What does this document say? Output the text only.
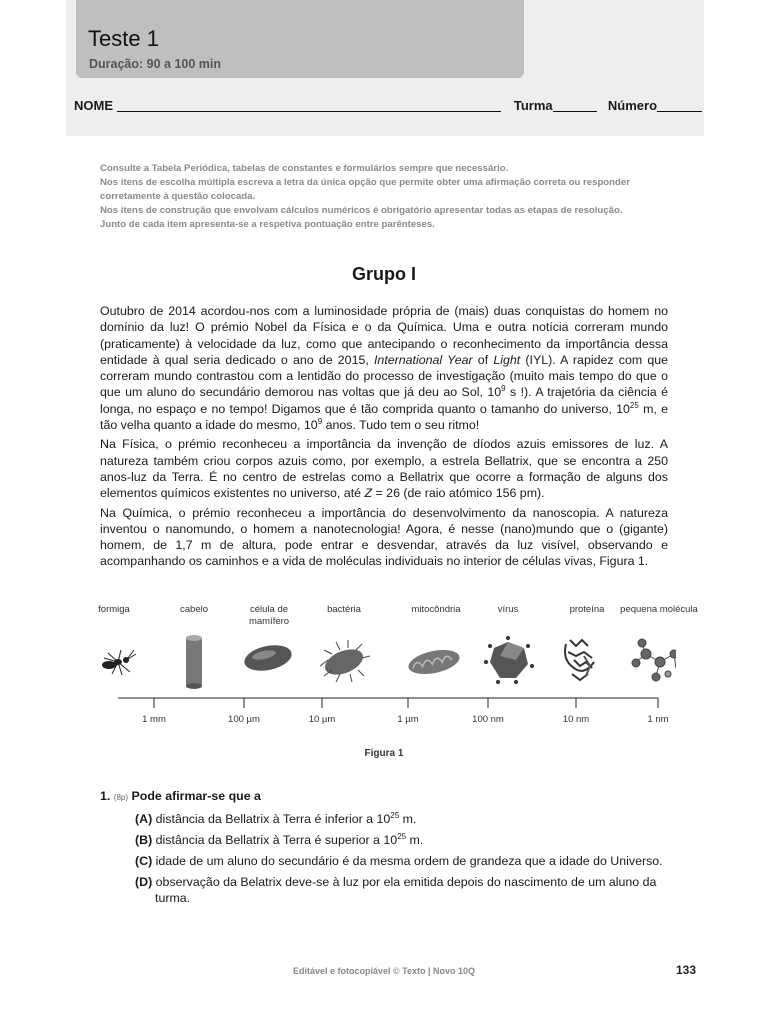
Teste 1
Duração: 90 a 100 min
NOME	Turma	Número

Consulte a Tabela Periódica, tabelas de constantes e formulários sempre que necessário.

Nos itens de escolha múltipla escreva a letra da única opção que permite obter uma afirmação correta ou responder corretamente à questão colocada.

Nos itens de construção que envolvam cálculos numéricos é obrigatório apresentar todas as etapas de resolução.

Junto de cada item apresenta-se a respetiva pontuação entre parênteses.

Grupo I

Outubro de 2014 acordou-nos com a luminosidade própria de (mais) duas conquistas do homem no domínio da luz! O prémio Nobel da Física e o da Química. Uma e outra notícia correram mundo (praticamente) à velocidade da luz, como que antecipando o reconhecimento da importância dessa entidade à qual seria dedicado o ano de 2015, International Year of Light (IYL). A rapidez com que correram mundo contrastou com a lentidão do processo de investigação (muito mais tempo do que o que um aluno do secundário demorou nas voltas que já deu ao Sol, $10^9$ s !). A trajetória da ciência é longa, no espaço e no tempo! Digamos que é tão comprida quanto o tamanho do universo, $10^{25}$ m, e tão velha quanto a idade do mesmo, $10^9$ anos. Tudo tem o seu ritmo!

Na Física, o prémio reconheceu a importância da invenção de díodos azuis emissores de luz. A natureza também criou corpos azuis como, por exemplo, a estrela Bellatrix, que se encontra a 250 anos-luz da Terra. É no centro de estrelas como a Bellatrix que ocorre a formação de alguns dos elementos químicos existentes no universo, até Z = 26 (de raio atómico 156 pm).

Na Química, o prémio reconheceu a importância do desenvolvimento da nanoscopia. A natureza inventou o nanomundo, o homem a nanotecnologia! Agora, é nesse (nano)mundo que o (gigante) homem, de 1,7 m de altura, pode entrar e desvendar, através da luz visível, observando e acompanhando os caminhos e a vida de moléculas individuais no interior de células vivas, Figura 1.

formiga	cabelo	célula de mamífero
bactéria	mitocôndria	vírus	proteína	pequena molécula
1 mm	100 µm	10 µm	1 µm	100 nm	10 nm	1 nm
Figura 1
1. (8p) Pode afirmar-se que a
(A) distância da Bellatrix à Terra é inferior a $10^{25}$ m.
(B) distância da Bellatrix à Terra é superior a $10^{25}$ m.
(C) idade de um aluno do secundário é da mesma ordem de grandeza que a idade do Universo.
(D) observação da Belatrix deve-se à luz por ela emitida depois do nascimento de um aluno da turma.
Editável e fotocopiável © Texto | Novo 10Q	133
